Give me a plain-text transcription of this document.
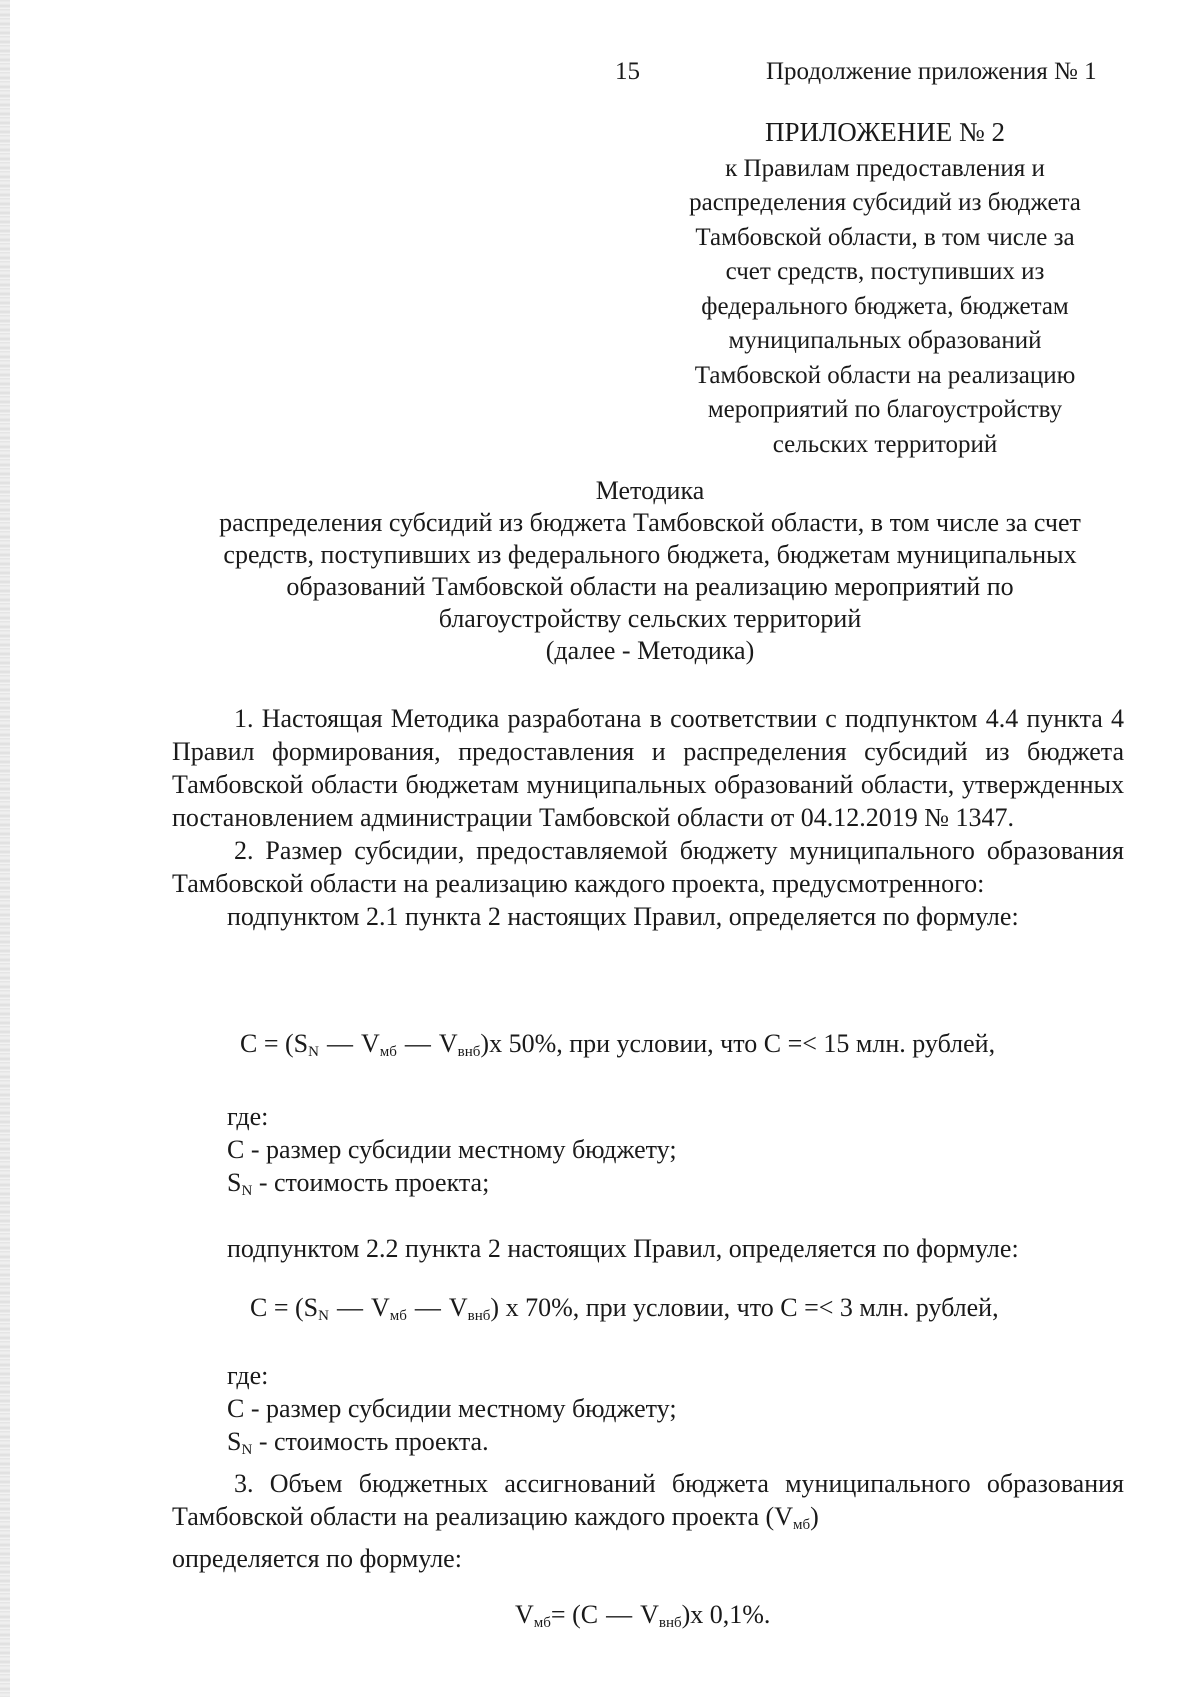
15	Продолжение приложения № 1
ПРИЛОЖЕНИЕ № 2
к Правилам предоставления и
распределения субсидий из бюджета
Тамбовской области, в том числе за
счет средств, поступивших из
федерального бюджета, бюджетам
муниципальных образований
Тамбовской области на реализацию
мероприятий по благоустройству
сельских территорий
Методика
распределения субсидий из бюджета Тамбовской области, в том числе за счет
средств, поступивших из федерального бюджета, бюджетам муниципальных
образований Тамбовской области на реализацию мероприятий по
благоустройству сельских территорий
(далее - Методика)

1. Настоящая Методика разработана в соответствии с подпунктом 4.4 пункта 4 Правил формирования, предоставления и распределения субсидий из бюджета Тамбовской области бюджетам муниципальных образований области, утвержденных постановлением администрации Тамбовской области от 04.12.2019 № 1347.

2. Размер субсидии, предоставляемой бюджету муниципального образования Тамбовской области на реализацию каждого проекта, предусмотренного:

подпунктом 2.1 пункта 2 настоящих Правил, определяется по формуле:

$C = (S_N$ — $V_{мб}$ — $V_{внб})x$ 50%, при условии, что C =< 15 млн. рублей,

где:

C - размер субсидии местному бюджету;

$S_N$ - стоимость проекта;

подпунктом 2.2 пункта 2 настоящих Правил, определяется по формуле:

$C = (S_N$ — $V_{мб}$ — $V_{внб}$) x 70%, при условии, что C =< 3 млн. рублей,

где:

C - размер субсидии местному бюджету;

$S_N$ - стоимость проекта.

3. Объем бюджетных ассигнований бюджета муниципального образования Тамбовской области на реализацию каждого проекта $(V_{мб})$

определяется по формуле:

$V_{мб}= (C$ — $V_{внб})x$ 0,1%.
